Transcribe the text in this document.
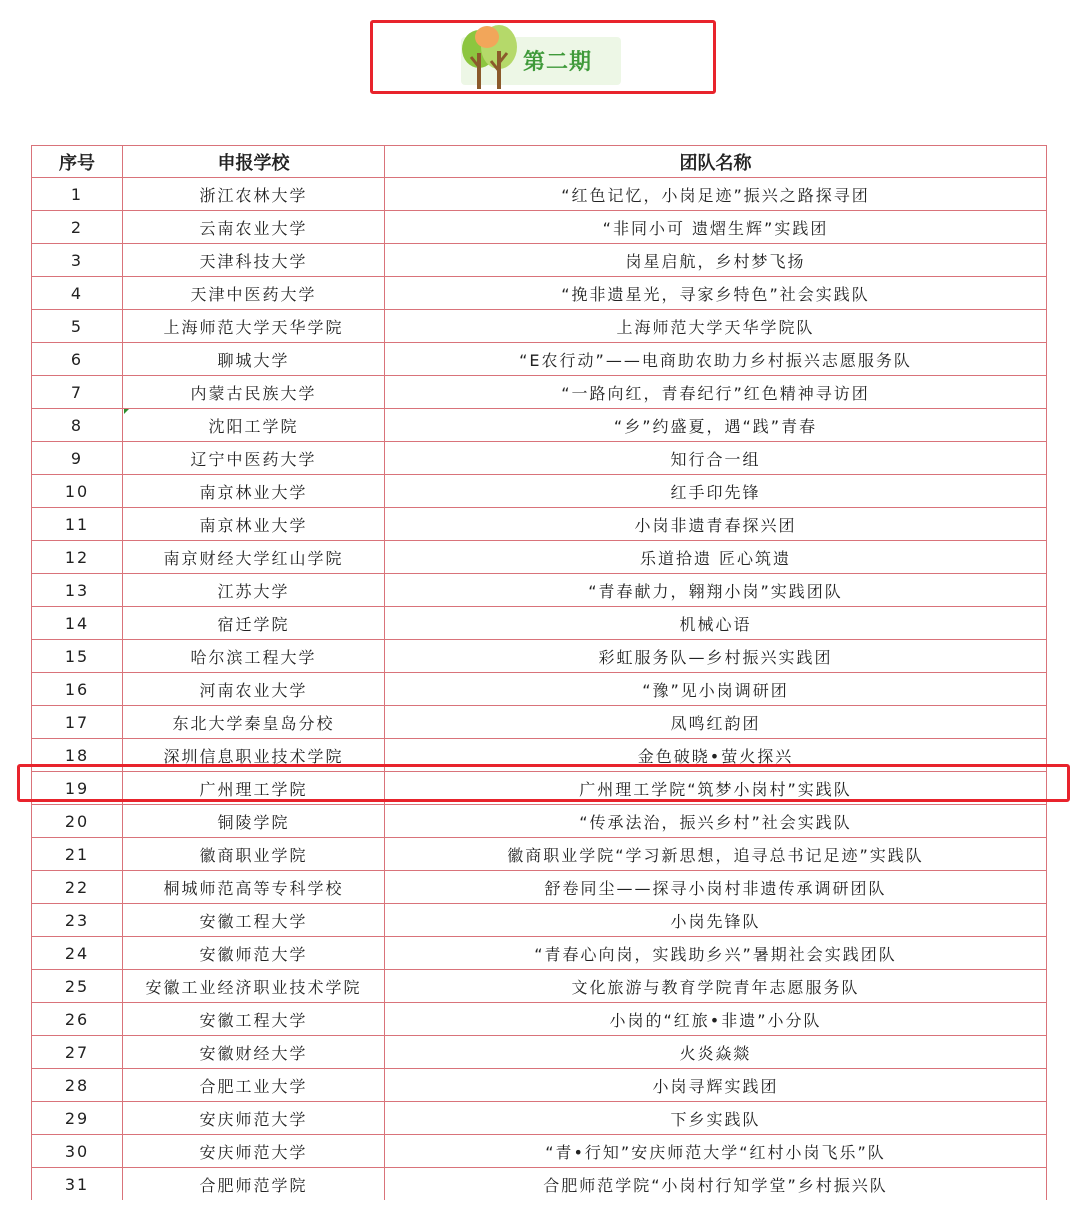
第二期
序号	申报学校	团队名称
1	浙江农林大学	“红色记忆，小岗足迹”振兴之路探寻团
2	云南农业大学	“非同小可 遗熠生辉”实践团
3	天津科技大学	岗星启航，乡村梦飞扬
4	天津中医药大学	“挽非遗星光，寻家乡特色”社会实践队
5	上海师范大学天华学院	上海师范大学天华学院队
6	聊城大学	“E农行动”——电商助农助力乡村振兴志愿服务队
7	内蒙古民族大学	“一路向红，青春纪行”红色精神寻访团
8	沈阳工学院	“乡”约盛夏，遇“践”青春
9	辽宁中医药大学	知行合一组
10	南京林业大学	红手印先锋
11	南京林业大学	小岗非遗青春探兴团
12	南京财经大学红山学院	乐道拾遗 匠心筑遗
13	江苏大学	“青春献力，翱翔小岗”实践团队
14	宿迁学院	机械心语
15	哈尔滨工程大学	彩虹服务队—乡村振兴实践团
16	河南农业大学	“豫”见小岗调研团
17	东北大学秦皇岛分校	凤鸣红韵团
18	深圳信息职业技术学院	金色破晓•萤火探兴
19	广州理工学院	广州理工学院“筑梦小岗村”实践队
20	铜陵学院	“传承法治，振兴乡村”社会实践队
21	徽商职业学院	徽商职业学院“学习新思想，追寻总书记足迹”实践队
22	桐城师范高等专科学校	舒卷同尘——探寻小岗村非遗传承调研团队
23	安徽工程大学	小岗先锋队
24	安徽师范大学	“青春心向岗，实践助乡兴”暑期社会实践团队
25	安徽工业经济职业技术学院	文化旅游与教育学院青年志愿服务队
26	安徽工程大学	小岗的“红旅•非遗”小分队
27	安徽财经大学	火炎焱燚
28	合肥工业大学	小岗寻辉实践团
29	安庆师范大学	下乡实践队
30	安庆师范大学	“青•行知”安庆师范大学“红村小岗飞乐”队
31	合肥师范学院	合肥师范学院“小岗村行知学堂”乡村振兴队
